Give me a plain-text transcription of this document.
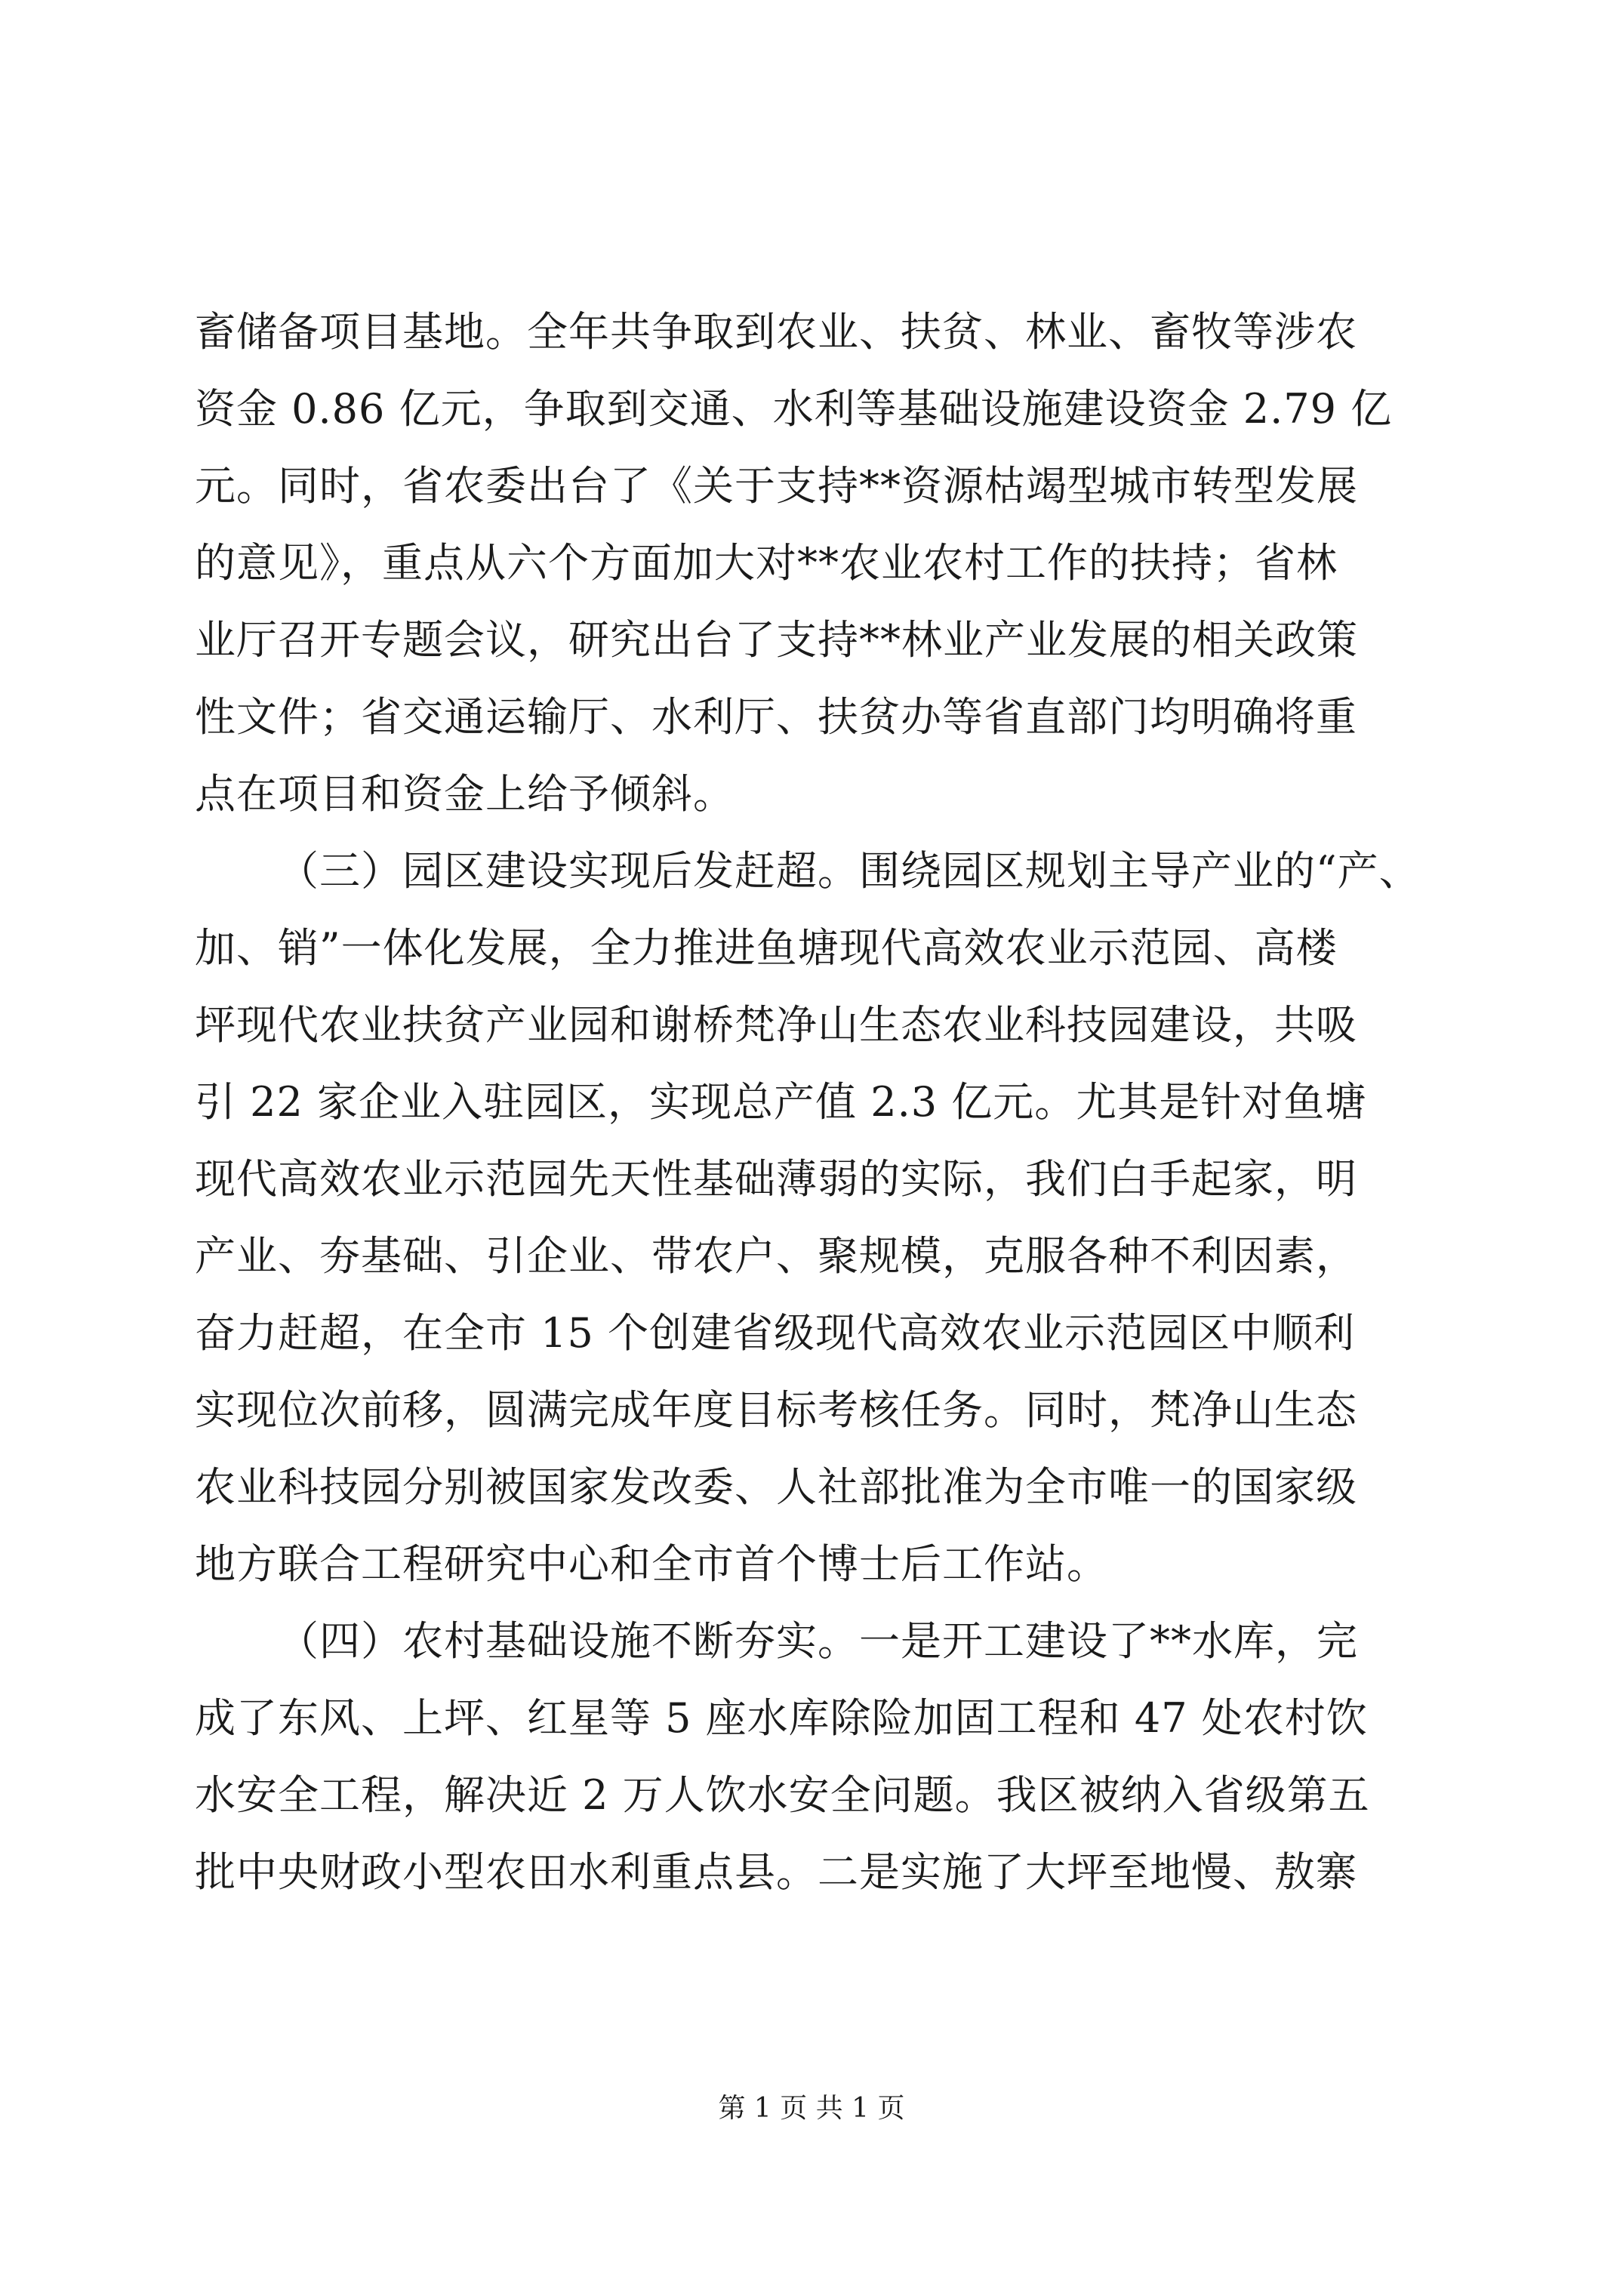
畜储备项目基地。全年共争取到农业、扶贫、林业、畜牧等涉农
资金 0.86 亿元，争取到交通、水利等基础设施建设资金 2.79 亿
元。同时，省农委出台了《关于支持**资源枯竭型城市转型发展
的意见》，重点从六个方面加大对**农业农村工作的扶持；省林
业厅召开专题会议，研究出台了支持**林业产业发展的相关政策
性文件；省交通运输厅、水利厅、扶贫办等省直部门均明确将重
点在项目和资金上给予倾斜。
（三）园区建设实现后发赶超。围绕园区规划主导产业的“产、
加、销”一体化发展，全力推进鱼塘现代高效农业示范园、高楼
坪现代农业扶贫产业园和谢桥梵净山生态农业科技园建设，共吸
引 22 家企业入驻园区，实现总产值 2.3 亿元。尤其是针对鱼塘
现代高效农业示范园先天性基础薄弱的实际，我们白手起家，明
产业、夯基础、引企业、带农户、聚规模，克服各种不利因素，
奋力赶超，在全市 15 个创建省级现代高效农业示范园区中顺利
实现位次前移，圆满完成年度目标考核任务。同时，梵净山生态
农业科技园分别被国家发改委、人社部批准为全市唯一的国家级
地方联合工程研究中心和全市首个博士后工作站。
（四）农村基础设施不断夯实。一是开工建设了**水库，完
成了东风、上坪、红星等 5 座水库除险加固工程和 47 处农村饮
水安全工程，解决近 2 万人饮水安全问题。我区被纳入省级第五
批中央财政小型农田水利重点县。二是实施了大坪至地慢、敖寨
第 1 页 共 1 页
